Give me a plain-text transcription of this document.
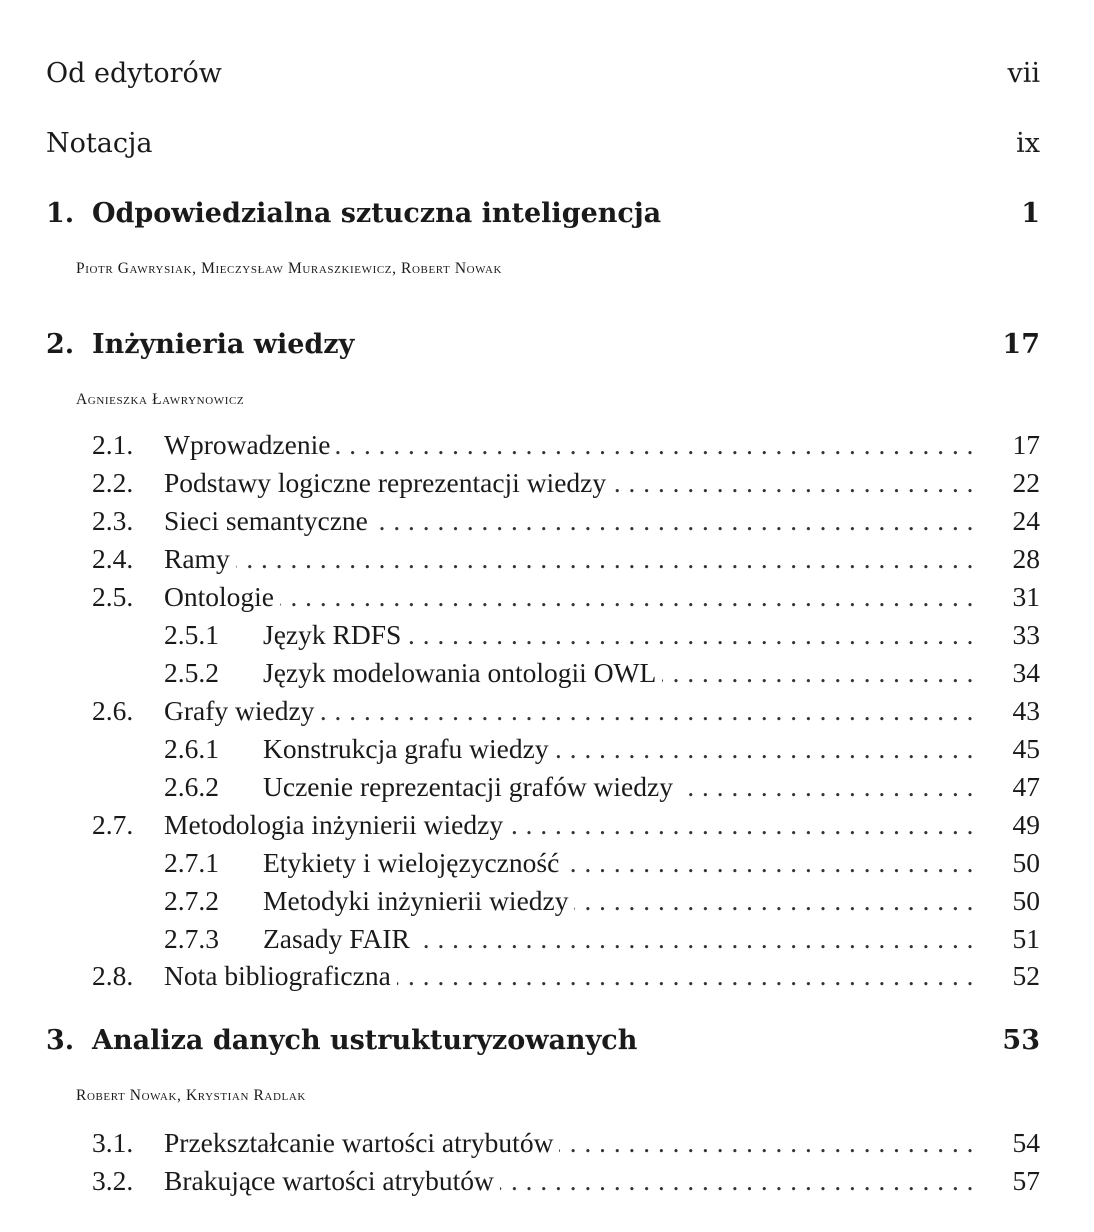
Od edytorów	vii
Notacja	ix
1. Odpowiedzialna sztuczna inteligencja	1
Piotr Gawrysiak, Mieczysław Muraszkiewicz, Robert Nowak
2. Inżynieria wiedzy	17
Agnieszka Ławrynowicz
2.1.	Wprowadzenie . . .	17
2.2.	Podstawy logiczne reprezentacji wiedzy . . .	22
2.3.	Sieci semantyczne . . .	24
2.4.	Ramy . . .	28
2.5.	Ontologie . . .	31
2.5.1	Język RDFS . . .	33
2.5.2	Język modelowania ontologii OWL . . .	34
2.6.	Grafy wiedzy . . .	43
2.6.1	Konstrukcja grafu wiedzy . . .	45
2.6.2	Uczenie reprezentacji grafów wiedzy . . .	47
2.7.	Metodologia inżynierii wiedzy . . .	49
2.7.1	Etykiety i wielojęzyczność . . .	50
2.7.2	Metodyki inżynierii wiedzy . . .	50
2.7.3	Zasady FAIR . . .	51
2.8.	Nota bibliograficzna . . .	52
3. Analiza danych ustrukturyzowanych	53
Robert Nowak, Krystian Radlak
3.1.	Przekształcanie wartości atrybutów . . .	54
3.2.	Brakujące wartości atrybutów . . .	57
